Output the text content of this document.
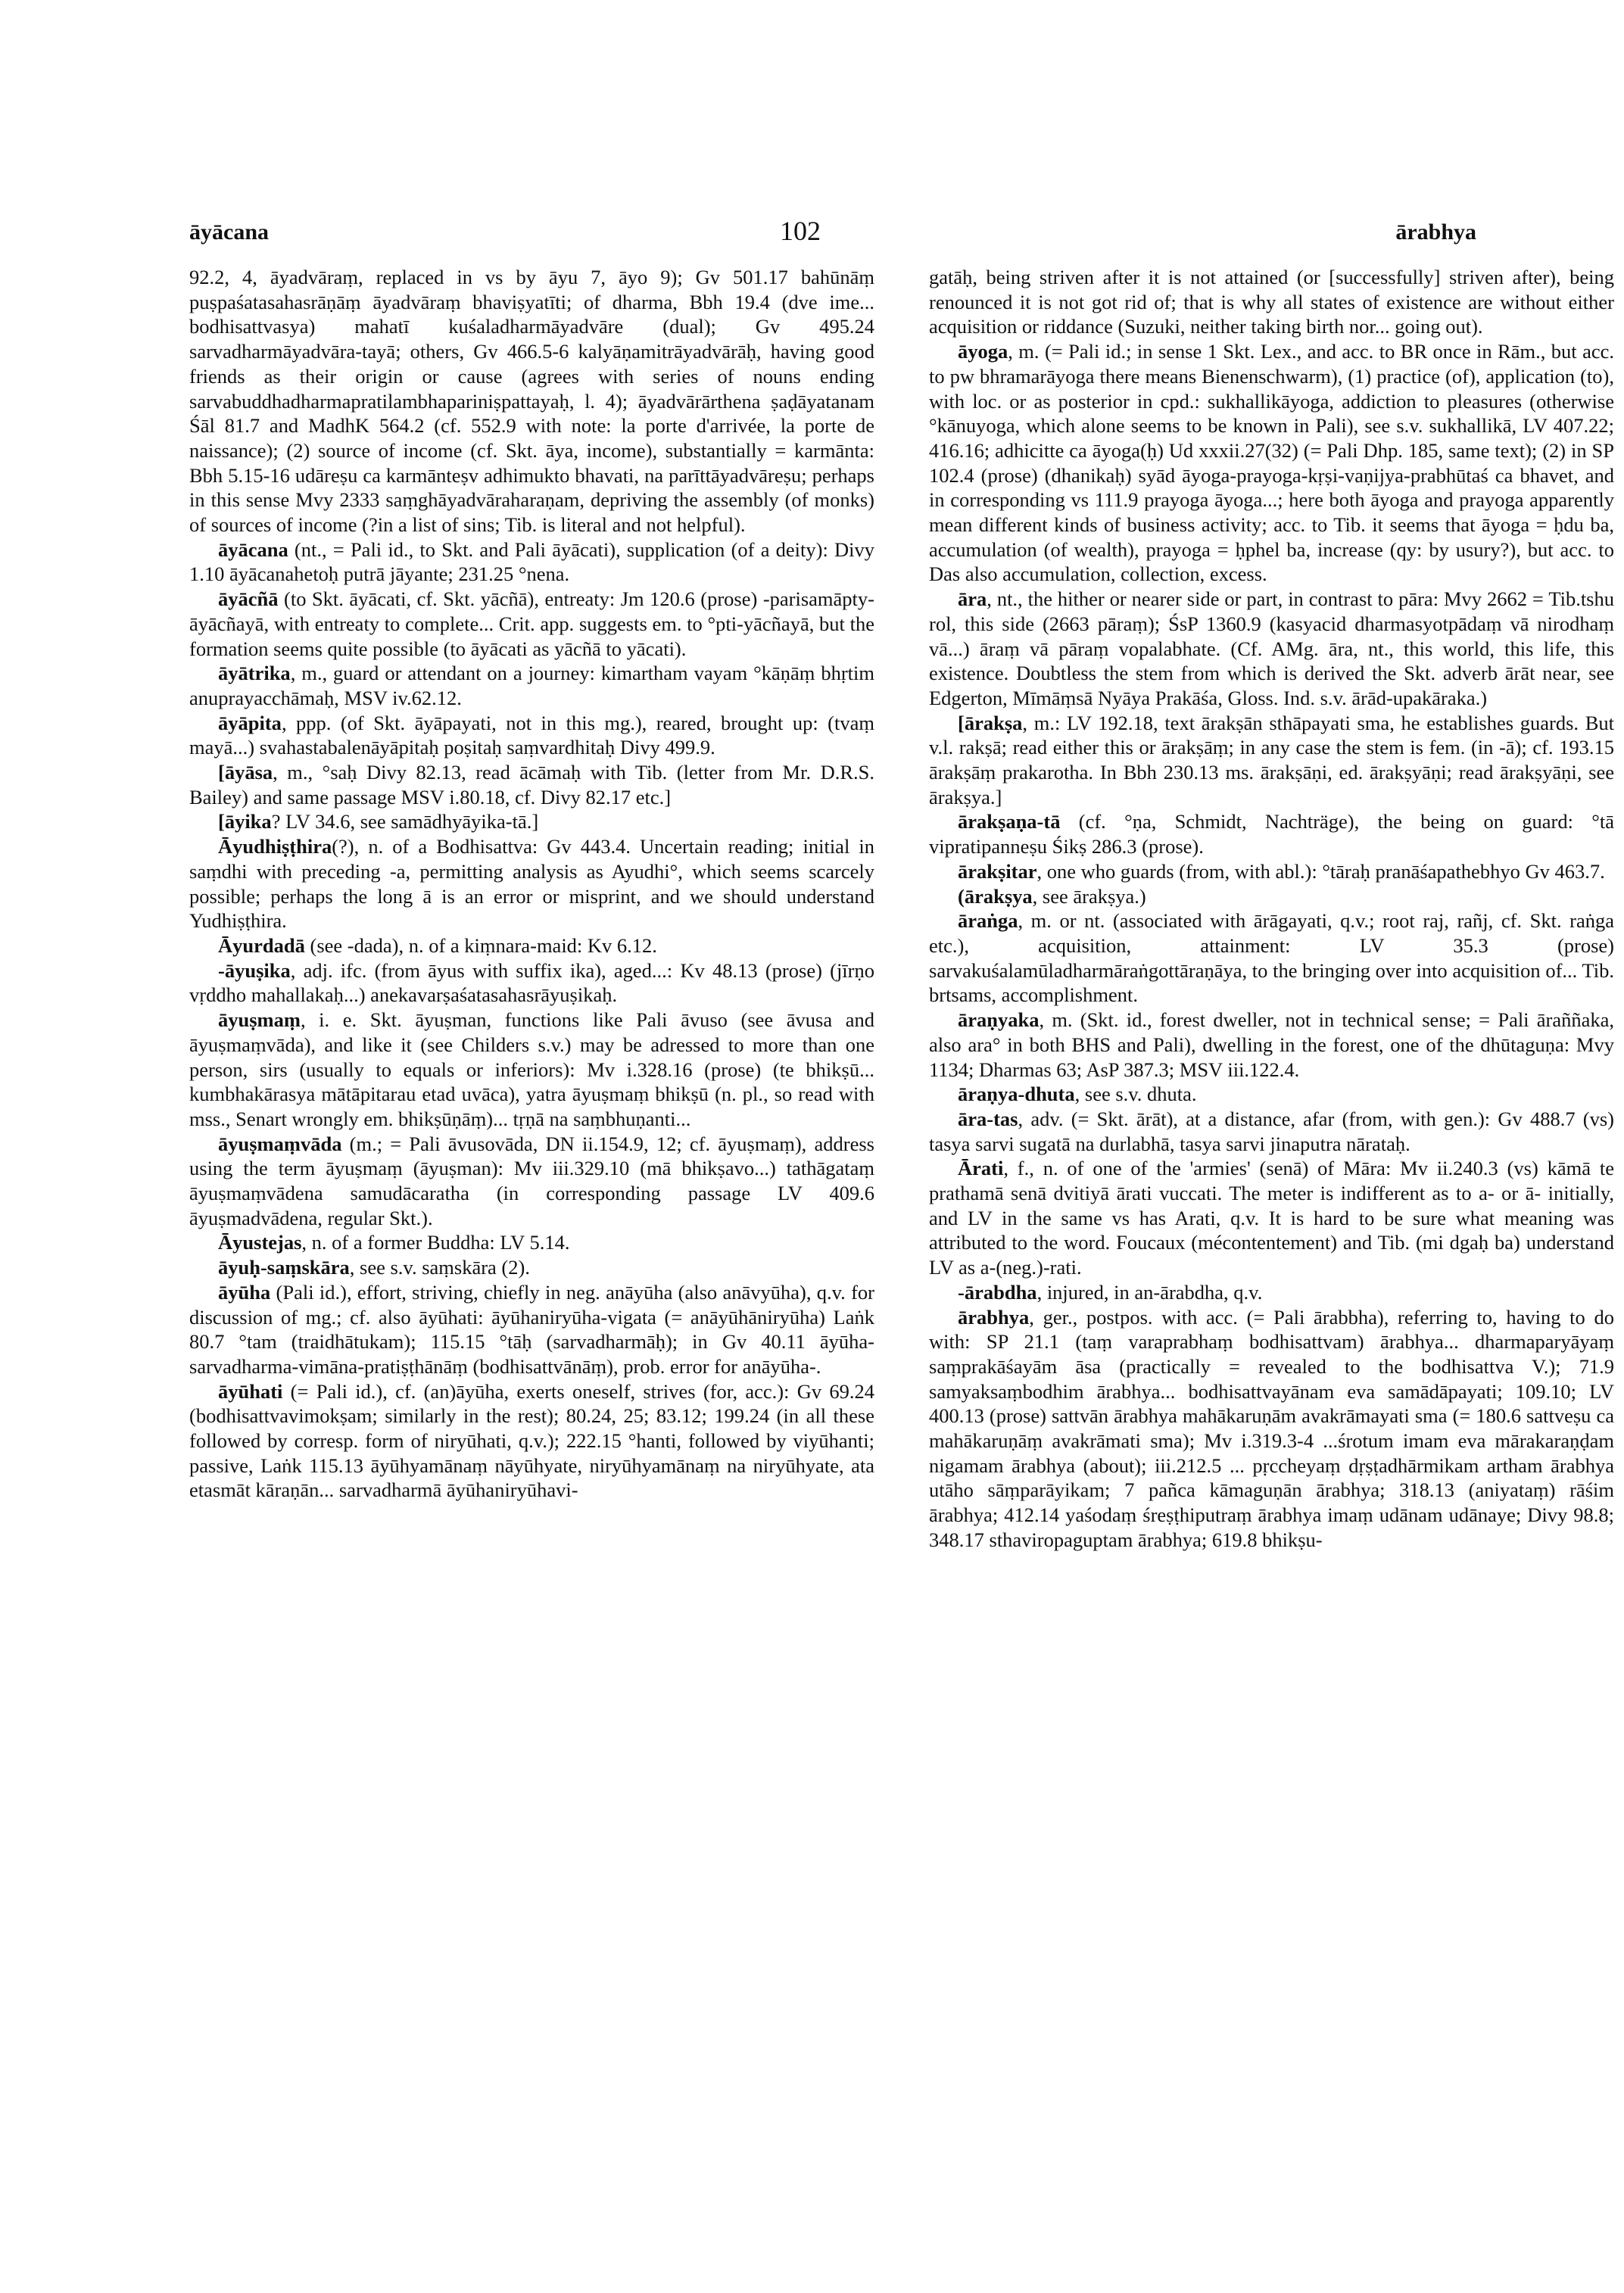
āyācana	102	ārabhya

92.2, 4, āyadvāraṃ, replaced in vs by āyu 7, āyo 9); Gv 501.17 bahūnāṃ puṣpaśatasahasrāṇāṃ āyadvāraṃ bhaviṣyatīti; of dharma, Bbh 19.4 (dve ime... bodhisattvasya) mahatī kuśaladharmāyadvāre (dual); Gv 495.24 sarvadharmāyadvāra-tayā; others, Gv 466.5-6 kalyāṇamitrāyadvārāḥ, having good friends as their origin or cause (agrees with series of nouns ending sarvabuddhadharmapratilambhapariniṣpattayaḥ, l. 4); āyadvārārthena ṣaḍāyatanam Śāl 81.7 and MadhK 564.2 (cf. 552.9 with note: la porte d'arrivée, la porte de naissance); (2) source of income (cf. Skt. āya, income), substantially = karmānta: Bbh 5.15-16 udāreṣu ca karmānteṣv adhimukto bhavati, na parīttāyadvāreṣu; perhaps in this sense Mvy 2333 saṃghāyadvāraharaṇam, depriving the assembly (of monks) of sources of income (?in a list of sins; Tib. is literal and not helpful).

āyācana (nt., = Pali id., to Skt. and Pali āyācati), supplication (of a deity): Divy 1.10 āyācanahetoḥ putrā jāyante; 231.25 °nena.

āyācñā (to Skt. āyācati, cf. Skt. yācñā), entreaty: Jm 120.6 (prose) -parisamāpty-āyācñayā, with entreaty to complete... Crit. app. suggests em. to °pti-yācñayā, but the formation seems quite possible (to āyācati as yācñā to yācati).

āyātrika, m., guard or attendant on a journey: kimartham vayam °kāṇāṃ bhṛtim anuprayacchāmaḥ, MSV iv.62.12.

āyāpita, ppp. (of Skt. āyāpayati, not in this mg.), reared, brought up: (tvaṃ mayā...) svahastabalenāyāpitaḥ poṣitaḥ saṃvardhitaḥ Divy 499.9.

[āyāsa, m., °saḥ Divy 82.13, read ācāmaḥ with Tib. (letter from Mr. D.R.S. Bailey) and same passage MSV i.80.18, cf. Divy 82.17 etc.]

[āyika? LV 34.6, see samādhyāyika-tā.]

Āyudhiṣṭhira(?), n. of a Bodhisattva: Gv 443.4. Uncertain reading; initial in saṃdhi with preceding -a, permitting analysis as Ayudhi°, which seems scarcely possible; perhaps the long ā is an error or misprint, and we should understand Yudhiṣṭhira.

Āyurdadā (see -dada), n. of a kiṃnara-maid: Kv 6.12.

-āyuṣika, adj. ifc. (from āyus with suffix ika), aged...: Kv 48.13 (prose) (jīrṇo vṛddho mahallakaḥ...) anekavarṣaśatasahasrāyuṣikaḥ.

āyuṣmaṃ, i. e. Skt. āyuṣman, functions like Pali āvuso (see āvusa and āyuṣmaṃvāda), and like it (see Childers s.v.) may be adressed to more than one person, sirs (usually to equals or inferiors): Mv i.328.16 (prose) (te bhikṣū... kumbhakārasya mātāpitarau etad uvāca), yatra āyuṣmaṃ bhikṣū (n. pl., so read with mss., Senart wrongly em. bhikṣūṇāṃ)... tṛṇā na saṃbhuṇanti...

āyuṣmaṃvāda (m.; = Pali āvusovāda, DN ii.154.9, 12; cf. āyuṣmaṃ), address using the term āyuṣmaṃ (āyuṣman): Mv iii.329.10 (mā bhikṣavo...) tathāgataṃ āyuṣmaṃvādena samudācaratha (in corresponding passage LV 409.6 āyuṣmadvādena, regular Skt.).

Āyustejas, n. of a former Buddha: LV 5.14.

āyuḥ-saṃskāra, see s.v. saṃskāra (2).

āyūha (Pali id.), effort, striving, chiefly in neg. anāyūha (also anāvyūha), q.v. for discussion of mg.; cf. also āyūhati: āyūhaniryūha-vigata (= anāyūhāniryūha) Laṅk 80.7 °tam (traidhātukam); 115.15 °tāḥ (sarvadharmāḥ); in Gv 40.11 āyūha-sarvadharma-vimāna-pratiṣṭhānāṃ (bodhisattvānāṃ), prob. error for anāyūha-.

āyūhati (= Pali id.), cf. (an)āyūha, exerts oneself, strives (for, acc.): Gv 69.24 (bodhisattvavimokṣam; similarly in the rest); 80.24, 25; 83.12; 199.24 (in all these followed by corresp. form of niryūhati, q.v.); 222.15 °hanti, followed by viyūhanti; passive, Laṅk 115.13 āyūhyamānaṃ nāyūhyate, niryūhyamānaṃ na niryūhyate, ata etasmāt kāraṇān... sarvadharmā āyūhaniryūhavi-

gatāḥ, being striven after it is not attained (or [successfully] striven after), being renounced it is not got rid of; that is why all states of existence are without either acquisition or riddance (Suzuki, neither taking birth nor... going out).

āyoga, m. (= Pali id.; in sense 1 Skt. Lex., and acc. to BR once in Rām., but acc. to pw bhramarāyoga there means Bienenschwarm), (1) practice (of), application (to), with loc. or as posterior in cpd.: sukhallikāyoga, addiction to pleasures (otherwise °kānuyoga, which alone seems to be known in Pali), see s.v. sukhallikā, LV 407.22; 416.16; adhicitte ca āyoga(ḥ) Ud xxxii.27(32) (= Pali Dhp. 185, same text); (2) in SP 102.4 (prose) (dhanikaḥ) syād āyoga-prayoga-kṛṣi-vaṇijya-prabhūtaś ca bhavet, and in corresponding vs 111.9 prayoga āyoga...; here both āyoga and prayoga apparently mean different kinds of business activity; acc. to Tib. it seems that āyoga = ḥdu ba, accumulation (of wealth), prayoga = ḥphel ba, increase (qy: by usury?), but acc. to Das also accumulation, collection, excess.

āra, nt., the hither or nearer side or part, in contrast to pāra: Mvy 2662 = Tib.tshu rol, this side (2663 pāraṃ); ŚsP 1360.9 (kasyacid dharmasyotpādaṃ vā nirodhaṃ vā...) āraṃ vā pāraṃ vopalabhate. (Cf. AMg. āra, nt., this world, this life, this existence. Doubtless the stem from which is derived the Skt. adverb ārāt near, see Edgerton, Mīmāṃsā Nyāya Prakāśa, Gloss. Ind. s.v. ārād-upakāraka.)

[ārakṣa, m.: LV 192.18, text ārakṣān sthāpayati sma, he establishes guards. But v.l. rakṣā; read either this or ārakṣāṃ; in any case the stem is fem. (in -ā); cf. 193.15 ārakṣāṃ prakarotha. In Bbh 230.13 ms. ārakṣāṇi, ed. ārakṣyāṇi; read ārakṣyāṇi, see ārakṣya.]

ārakṣaṇa-tā (cf. °ṇa, Schmidt, Nachträge), the being on guard: °tā vipratipanneṣu Śikṣ 286.3 (prose).

ārakṣitar, one who guards (from, with abl.): °tāraḥ pranāśapathebhyo Gv 463.7.

(ārakṣya, see ārakṣya.)

āraṅga, m. or nt. (associated with ārāgayati, q.v.; root raj, rañj, cf. Skt. raṅga etc.), acquisition, attainment: LV 35.3 (prose) sarvakuśalamūladharmāraṅgottāraṇāya, to the bringing over into acquisition of... Tib. brtsams, accomplishment.

āraṇyaka, m. (Skt. id., forest dweller, not in technical sense; = Pali āraññaka, also ara° in both BHS and Pali), dwelling in the forest, one of the dhūtaguṇa: Mvy 1134; Dharmas 63; AsP 387.3; MSV iii.122.4.

āraṇya-dhuta, see s.v. dhuta.

āra-tas, adv. (= Skt. ārāt), at a distance, afar (from, with gen.): Gv 488.7 (vs) tasya sarvi sugatā na durlabhā, tasya sarvi jinaputra nārataḥ.

Ārati, f., n. of one of the 'armies' (senā) of Māra: Mv ii.240.3 (vs) kāmā te prathamā senā dvitiyā ārati vuccati. The meter is indifferent as to a- or ā- initially, and LV in the same vs has Arati, q.v. It is hard to be sure what meaning was attributed to the word. Foucaux (mécontentement) and Tib. (mi dgaḥ ba) understand LV as a-(neg.)-rati.

-ārabdha, injured, in an-ārabdha, q.v.

ārabhya, ger., postpos. with acc. (= Pali ārabbha), referring to, having to do with: SP 21.1 (taṃ varaprabhaṃ bodhisattvam) ārabhya... dharmaparyāyaṃ saṃprakāśayām āsa (practically = revealed to the bodhisattva V.); 71.9 samyaksaṃbodhim ārabhya... bodhisattvayānam eva samādāpayati; 109.10; LV 400.13 (prose) sattvān ārabhya mahākaruṇām avakrāmayati sma (= 180.6 sattveṣu ca mahākaruṇāṃ avakrāmati sma); Mv i.319.3-4 ...śrotum imam eva mārakaraṇḍam nigamam ārabhya (about); iii.212.5 ... pṛccheyaṃ dṛṣṭadhārmikam artham ārabhya utāho sāṃparāyikam; 7 pañca kāmaguṇān ārabhya; 318.13 (aniyataṃ) rāśim ārabhya; 412.14 yaśodaṃ śreṣṭhiputraṃ ārabhya imaṃ udānam udānaye; Divy 98.8; 348.17 sthaviropaguptam ārabhya; 619.8 bhikṣu-
